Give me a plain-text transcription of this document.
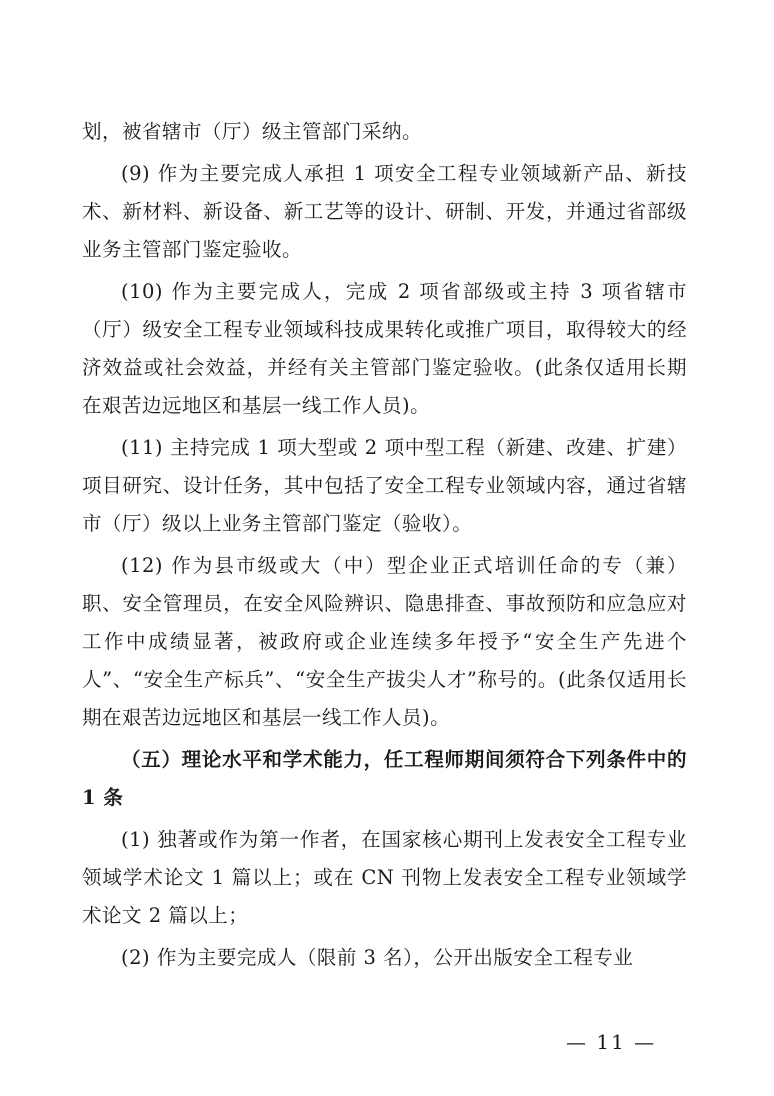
划，被省辖市（厅）级主管部门采纳。

(9) 作为主要完成人承担 1 项安全工程专业领域新产品、新技术、新材料、新设备、新工艺等的设计、研制、开发，并通过省部级业务主管部门鉴定验收。

(10) 作为主要完成人，完成 2 项省部级或主持 3 项省辖市（厅）级安全工程专业领域科技成果转化或推广项目，取得较大的经济效益或社会效益，并经有关主管部门鉴定验收。(此条仅适用长期在艰苦边远地区和基层一线工作人员)。

(11) 主持完成 1 项大型或 2 项中型工程（新建、改建、扩建）项目研究、设计任务，其中包括了安全工程专业领域内容，通过省辖市（厅）级以上业务主管部门鉴定（验收）。

(12) 作为县市级或大（中）型企业正式培训任命的专（兼）职、安全管理员，在安全风险辨识、隐患排查、事故预防和应急应对工作中成绩显著，被政府或企业连续多年授予“安全生产先进个人”、“安全生产标兵”、“安全生产拔尖人才”称号的。(此条仅适用长期在艰苦边远地区和基层一线工作人员)。

（五）理论水平和学术能力，任工程师期间须符合下列条件中的 1 条

(1) 独著或作为第一作者，在国家核心期刊上发表安全工程专业领域学术论文 1 篇以上；或在 CN 刊物上发表安全工程专业领域学术论文 2 篇以上；

(2) 作为主要完成人（限前 3 名），公开出版安全工程专业

— 11 —
